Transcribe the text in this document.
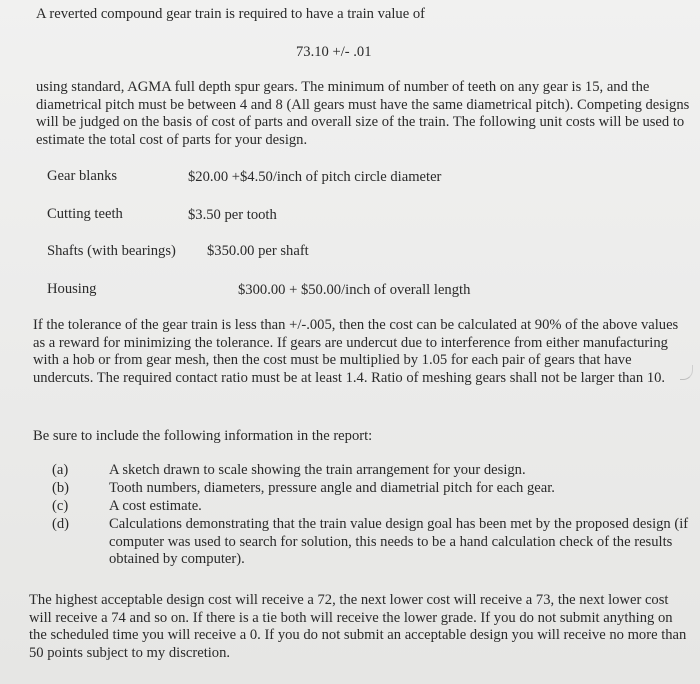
A reverted compound gear train is required to have a train value of
73.10 +/- .01
using standard, AGMA full depth spur gears. The minimum of number of teeth on any gear is 15, and the diametrical pitch must be between 4 and 8 (All gears must have the same diametrical pitch). Competing designs will be judged on the basis of cost of parts and overall size of the train. The following unit costs will be used to estimate the total cost of parts for your design.
Gear blanks	$20.00 +$4.50/inch of pitch circle diameter
Cutting teeth	$3.50 per tooth
Shafts (with bearings) $350.00 per shaft
Housing	$300.00 + $50.00/inch of overall length
If the tolerance of the gear train is less than +/-.005, then the cost can be calculated at 90% of the above values as a reward for minimizing the tolerance. If gears are undercut due to interference from either manufacturing with a hob or from gear mesh, then the cost must be multiplied by 1.05 for each pair of gears that have undercuts. The required contact ratio must be at least 1.4. Ratio of meshing gears shall not be larger than 10.
Be sure to include the following information in the report:
(a)	A sketch drawn to scale showing the train arrangement for your design.
(b)	Tooth numbers, diameters, pressure angle and diametrial pitch for each gear.
(c)	A cost estimate.
(d)	Calculations demonstrating that the train value design goal has been met by the proposed design (if computer was used to search for solution, this needs to be a hand calculation check of the results obtained by computer).
The highest acceptable design cost will receive a 72, the next lower cost will receive a 73, the next lower cost will receive a 74 and so on. If there is a tie both will receive the lower grade. If you do not submit anything on the scheduled time you will receive a 0. If you do not submit an acceptable design you will receive no more than 50 points subject to my discretion.
